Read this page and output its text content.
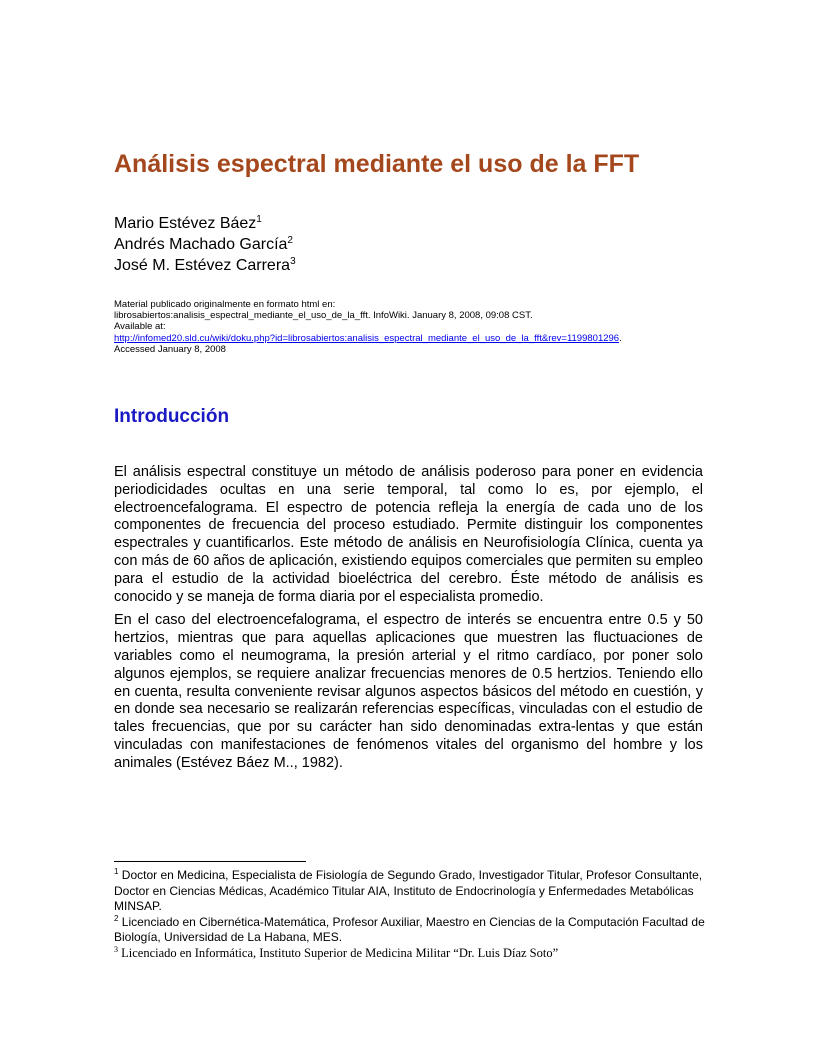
Análisis espectral mediante el uso de la FFT
Mario Estévez Báez$^1$
Andrés Machado García$^2$
José M. Estévez Carrera$^3$
Material publicado originalmente en formato html en:
librosabiertos:analisis_espectral_mediante_el_uso_de_la_fft. InfoWiki. January 8, 2008, 09:08 CST.
Available at:
http://infomed20.sld.cu/wiki/doku.php?id=librosabiertos:analisis_espectral_mediante_el_uso_de_la_fft&rev=1199801296.
Accessed January 8, 2008
Introducción

El análisis espectral constituye un método de análisis poderoso para poner en evidencia periodicidades ocultas en una serie temporal, tal como lo es, por ejemplo, el electroencefalograma. El espectro de potencia refleja la energía de cada uno de los componentes de frecuencia del proceso estudiado. Permite distinguir los componentes espectrales y cuantificarlos. Este método de análisis en Neurofisiología Clínica, cuenta ya con más de 60 años de aplicación, existiendo equipos comerciales que permiten su empleo para el estudio de la actividad bioeléctrica del cerebro. Éste método de análisis es conocido y se maneja de forma diaria por el especialista promedio.

En el caso del electroencefalograma, el espectro de interés se encuentra entre 0.5 y 50 hertzios, mientras que para aquellas aplicaciones que muestren las fluctuaciones de variables como el neumograma, la presión arterial y el ritmo cardíaco, por poner solo algunos ejemplos, se requiere analizar frecuencias menores de 0.5 hertzios. Teniendo ello en cuenta, resulta conveniente revisar algunos aspectos básicos del método en cuestión, y en donde sea necesario se realizarán referencias específicas, vinculadas con el estudio de tales frecuencias, que por su carácter han sido denominadas extra-lentas y que están vinculadas con manifestaciones de fenómenos vitales del organismo del hombre y los animales (Estévez Báez M.., 1982).

$^1$ Doctor en Medicina, Especialista de Fisiología de Segundo Grado, Investigador Titular, Profesor Consultante, Doctor en Ciencias Médicas, Académico Titular AIA, Instituto de Endocrinología y Enfermedades Metabólicas MINSAP.

$^2$ Licenciado en Cibernética-Matemática, Profesor Auxiliar, Maestro en Ciencias de la Computación Facultad de Biología, Universidad de La Habana, MES.

$^3$ Licenciado en Informática, Instituto Superior de Medicina Militar “Dr. Luis Díaz Soto”
